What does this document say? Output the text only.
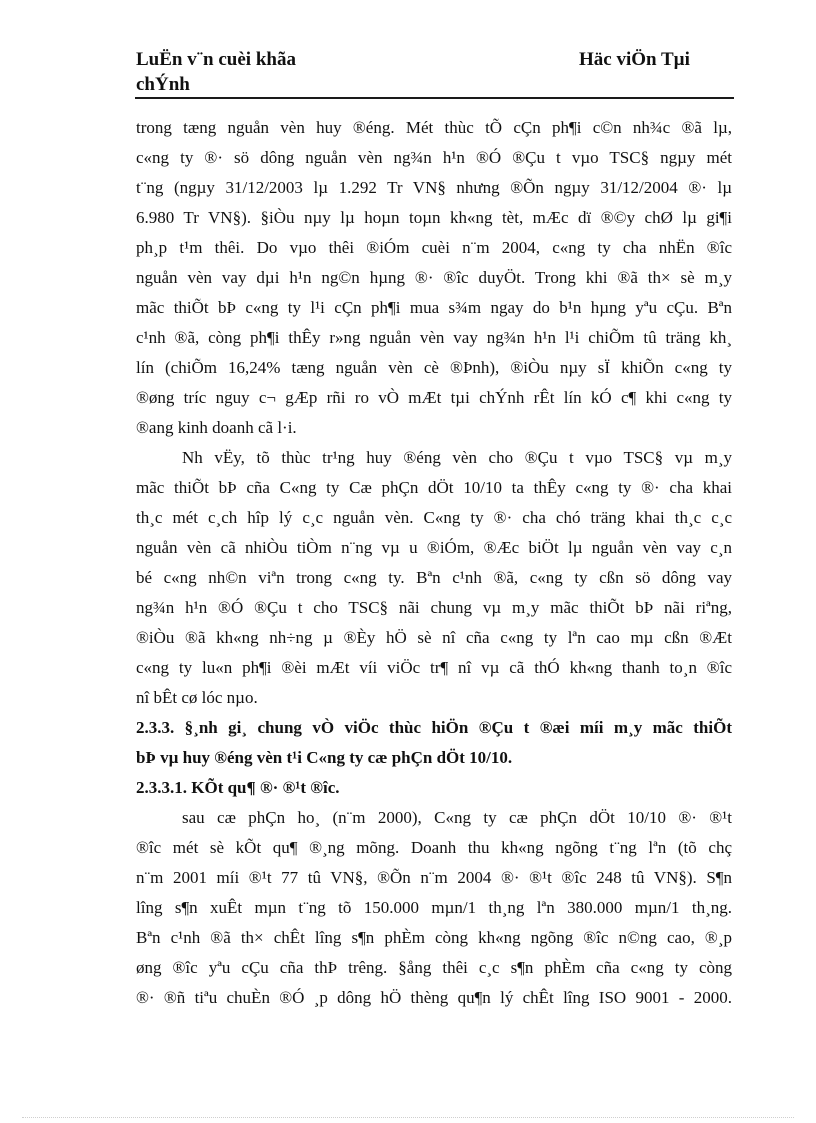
LuËn v¨n cuèi khãa
chÝnh
Häc viÖn Tµi
trong tæng nguån vèn huy ®éng. Mét thùc tÕ cÇn ph¶i c©n nh¾c ®ã lµ,
c«ng ty ®· sö dông nguån vèn ng¾n h¹n ®Ó ®Çu t vµo TSC§ ngµy mét
t¨ng (ngµy 31/12/2003 lµ 1.292 Tr VN§ nhưng ®Õn ngµy 31/12/2004 ®· lµ
6.980 Tr VN§). §iÒu nµy lµ hoµn toµn kh«ng tèt, mÆc dï ®©y chØ lµ gi¶i
ph¸p t¹m thêi. Do vµo thêi ®iÓm cuèi n¨m 2004, c«ng ty cha nhËn ®îc
nguån vèn vay dµi h¹n ng©n hµng ®· ®îc duyÖt. Trong khi ®ã th× sè m¸y
mãc thiÕt bÞ c«ng ty l¹i cÇn ph¶i mua s¾m ngay do b¹n hµng yªu cÇu. Bªn
c¹nh ®ã, còng ph¶i thÊy r»ng nguån vèn vay ng¾n h¹n l¹i chiÕm tû träng kh¸
lín (chiÕm 16,24% tæng nguån vèn cè ®Þnh), ®iÒu nµy sÏ khiÕn c«ng ty
®øng tríc nguy c¬ gÆp rñi ro vÒ mÆt tµi chÝnh rÊt lín kÓ c¶ khi c«ng ty
®ang kinh doanh cã l·i.
Nh vËy, tõ thùc tr¹ng huy ®éng vèn cho ®Çu t vµo TSC§ vµ m¸y
mãc thiÕt bÞ cña C«ng ty Cæ phÇn dÖt 10/10 ta thÊy c«ng ty ®· cha khai
th¸c mét c¸ch hîp lý c¸c nguån vèn. C«ng ty ®· cha chó träng khai th¸c c¸c
nguån vèn cã nhiÒu tiÒm n¨ng vµ u ®iÓm, ®Æc biÖt lµ nguån vèn vay c¸n
bé c«ng nh©n viªn trong c«ng ty. Bªn c¹nh ®ã, c«ng ty cßn sö dông vay
ng¾n h¹n ®Ó ®Çu t cho TSC§ nãi chung vµ m¸y mãc thiÕt bÞ nãi riªng,
®iÒu ®ã kh«ng nh÷ng µ ®Èy hÖ sè nî cña c«ng ty lªn cao mµ cßn ®Æt
c«ng ty lu«n ph¶i ®èi mÆt víi viÖc tr¶ nî vµ cã thÓ kh«ng thanh to¸n ®îc
nî bÊt cø lóc nµo.
2.3.3. §¸nh gi¸ chung vÒ viÖc thùc hiÖn ®Çu t ®æi míi m¸y mãc thiÕt
bÞ vµ huy ®éng vèn t¹i C«ng ty cæ phÇn dÖt 10/10.
2.3.3.1. KÕt qu¶ ®· ®¹t ®îc.
sau cæ phÇn ho¸ (n¨m 2000), C«ng ty cæ phÇn dÖt 10/10 ®· ®¹t
®îc mét sè kÕt qu¶ ®¸ng mõng. Doanh thu kh«ng ngõng t¨ng lªn (tõ chç
n¨m 2001 míi ®¹t 77 tû VN§, ®Õn n¨m 2004 ®· ®¹t ®îc 248 tû VN§). S¶n
lîng s¶n xuÊt mµn t¨ng tõ 150.000 mµn/1 th¸ng lªn 380.000 mµn/1 th¸ng.
Bªn c¹nh ®ã th× chÊt lîng s¶n phÈm còng kh«ng ngõng ®îc n©ng cao, ®¸p
øng ®îc yªu cÇu cña thÞ trêng. §ång thêi c¸c s¶n phÈm cña c«ng ty còng
®· ®ñ tiªu chuÈn ®Ó ¸p dông hÖ thèng qu¶n lý chÊt lîng ISO 9001 - 2000.
